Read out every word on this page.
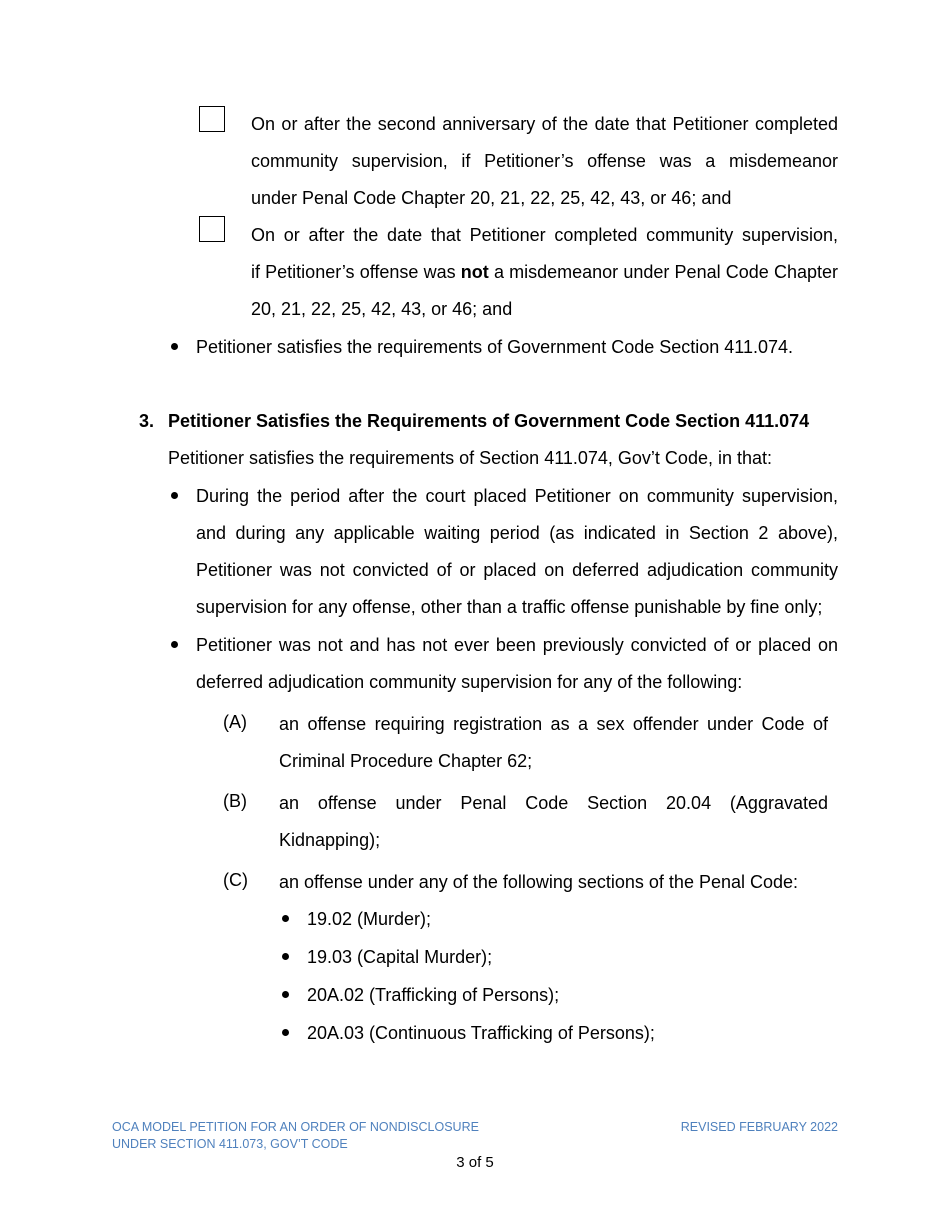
On or after the second anniversary of the date that Petitioner completed
community supervision, if Petitioner’s offense was a misdemeanor
under Penal Code Chapter 20, 21, 22, 25, 42, 43, or 46; and
On or after the date that Petitioner completed community supervision,
if Petitioner’s offense was not a misdemeanor under Penal Code Chapter
20, 21, 22, 25, 42, 43, or 46; and
Petitioner satisfies the requirements of Government Code Section 411.074.
3. Petitioner Satisfies the Requirements of Government Code Section 411.074
Petitioner satisfies the requirements of Section 411.074, Gov’t Code, in that:
During the period after the court placed Petitioner on community supervision,
and during any applicable waiting period (as indicated in Section 2 above),
Petitioner was not convicted of or placed on deferred adjudication community
supervision for any offense, other than a traffic offense punishable by fine only;
Petitioner was not and has not ever been previously convicted of or placed on
deferred adjudication community supervision for any of the following:
(A) an offense requiring registration as a sex offender under Code of
Criminal Procedure Chapter 62;
(B) an offense under Penal Code Section 20.04 (Aggravated
Kidnapping);
(C) an offense under any of the following sections of the Penal Code:
19.02 (Murder);
19.03 (Capital Murder);
20A.02 (Trafficking of Persons);
20A.03 (Continuous Trafficking of Persons);
OCA MODEL PETITION FOR AN ORDER OF NONDISCLOSURE
UNDER SECTION 411.073, GOV’T CODE
REVISED FEBRUARY 2022
3 of 5
